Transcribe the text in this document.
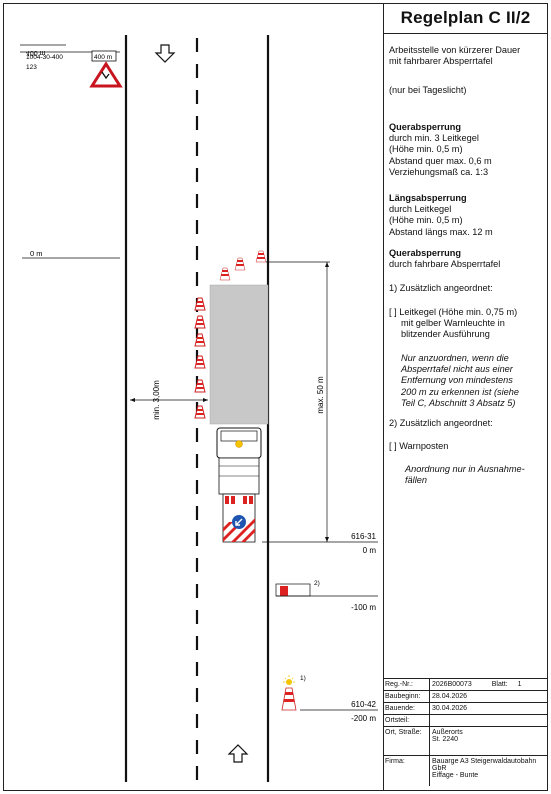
400 m
1004-30-400
123
400 m
0 m
min. 3,00m	max. 50 m
616-31
0 m
2)
-100 m
1)
610-42
-200 m
Regelplan C II/2
Arbeitsstelle von kürzerer Dauer
mit fahrbarer Absperrtafel
(nur bei Tageslicht)
Querabsperrung
durch min. 3 Leitkegel
(Höhe min. 0,5 m)
Abstand quer max. 0,6 m
Verziehungsmaß ca. 1:3
Längsabsperrung
durch Leitkegel
(Höhe min. 0,5 m)
Abstand längs max. 12 m
Querabsperrung
durch fahrbare Absperrtafel
1) Zusätzlich angeordnet:
[ ] Leitkegel (Höhe min. 0,75 m)
mit gelber Warnleuchte in
blitzender Ausführung
Nur anzuordnen, wenn die
Absperrtafel nicht aus einer
Entfernung von mindestens
200 m zu erkennen ist (siehe
Teil C, Abschnitt 3 Absatz 5)
2) Zusätzlich angeordnet:
[ ] Warnposten
Anordnung nur in Ausnahme-
fällen
Reg.-Nr.:	2026B00073 Blatt: 1
Baubeginn:	28.04.2026
Bauende:	30.04.2026
Ortsteil:	
Ort, Straße:	Außerorts
St. 2240

Firma:	Bauarge A3 Steigerwaldautobahn GbR
Eiffage - Bunte
